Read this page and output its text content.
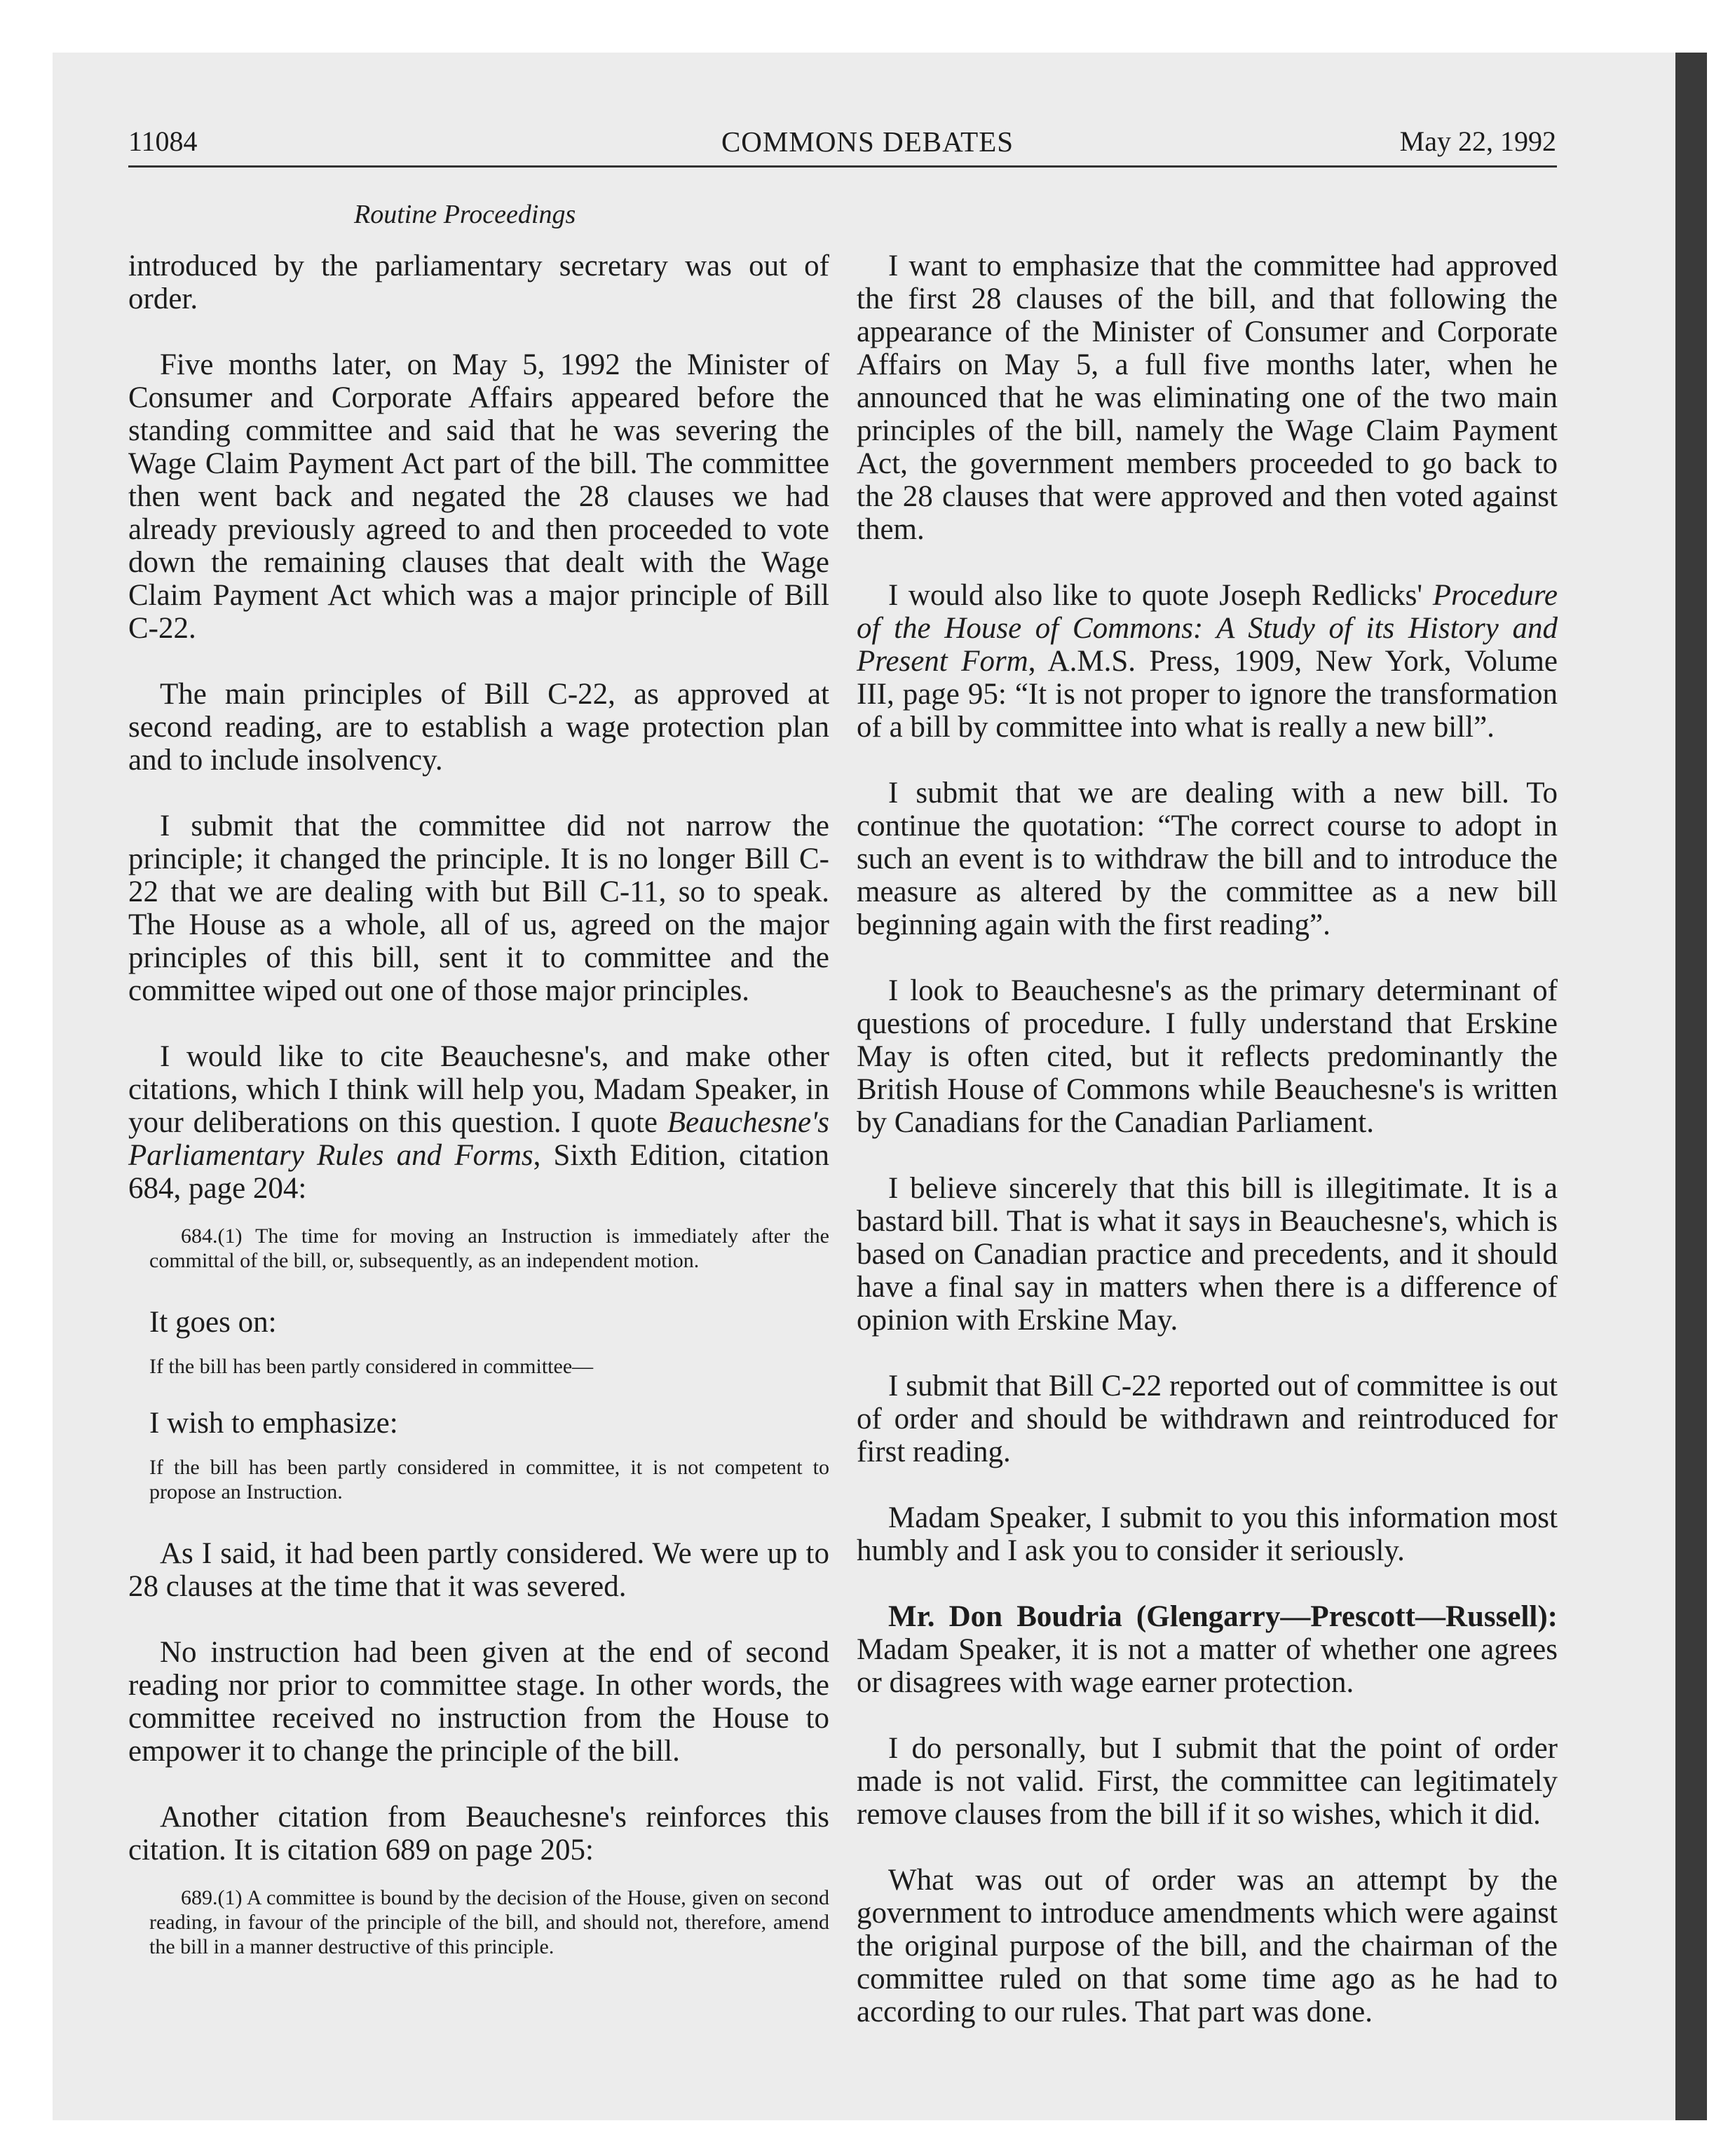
11084	COMMONS DEBATES	May 22, 1992
Routine Proceedings

introduced by the parliamentary secretary was out of order.

Five months later, on May 5, 1992 the Minister of Consumer and Corporate Affairs appeared before the standing committee and said that he was severing the Wage Claim Payment Act part of the bill. The committee then went back and negated the 28 clauses we had already previously agreed to and then proceeded to vote down the remaining clauses that dealt with the Wage Claim Payment Act which was a major principle of Bill C-22.

The main principles of Bill C-22, as approved at second reading, are to establish a wage protection plan and to include insolvency.

I submit that the committee did not narrow the principle; it changed the principle. It is no longer Bill C-22 that we are dealing with but Bill C-11, so to speak. The House as a whole, all of us, agreed on the major principles of this bill, sent it to committee and the committee wiped out one of those major principles.

I would like to cite Beauchesne's, and make other citations, which I think will help you, Madam Speaker, in your deliberations on this question. I quote Beauchesne's Parliamentary Rules and Forms, Sixth Edition, citation 684, page 204:

684.(1) The time for moving an Instruction is immediately after the committal of the bill, or, subsequently, as an independent motion.

It goes on:

If the bill has been partly considered in committee—

I wish to emphasize:

If the bill has been partly considered in committee, it is not competent to propose an Instruction.

As I said, it had been partly considered. We were up to 28 clauses at the time that it was severed.

No instruction had been given at the end of second reading nor prior to committee stage. In other words, the committee received no instruction from the House to empower it to change the principle of the bill.

Another citation from Beauchesne's reinforces this citation. It is citation 689 on page 205:

689.(1) A committee is bound by the decision of the House, given on second reading, in favour of the principle of the bill, and should not, therefore, amend the bill in a manner destructive of this principle.

I want to emphasize that the committee had approved the first 28 clauses of the bill, and that following the appearance of the Minister of Consumer and Corporate Affairs on May 5, a full five months later, when he announced that he was eliminating one of the two main principles of the bill, namely the Wage Claim Payment Act, the government members proceeded to go back to the 28 clauses that were approved and then voted against them.

I would also like to quote Joseph Redlicks' Procedure of the House of Commons: A Study of its History and Present Form, A.M.S. Press, 1909, New York, Volume III, page 95: “It is not proper to ignore the transformation of a bill by committee into what is really a new bill”.

I submit that we are dealing with a new bill. To continue the quotation: “The correct course to adopt in such an event is to withdraw the bill and to introduce the measure as altered by the committee as a new bill beginning again with the first reading”.

I look to Beauchesne's as the primary determinant of questions of procedure. I fully understand that Erskine May is often cited, but it reflects predominantly the British House of Commons while Beauchesne's is written by Canadians for the Canadian Parliament.

I believe sincerely that this bill is illegitimate. It is a bastard bill. That is what it says in Beauchesne's, which is based on Canadian practice and precedents, and it should have a final say in matters when there is a difference of opinion with Erskine May.

I submit that Bill C-22 reported out of committee is out of order and should be withdrawn and reintroduced for first reading.

Madam Speaker, I submit to you this information most humbly and I ask you to consider it seriously.

Mr. Don Boudria (Glengarry—Prescott—Russell): Madam Speaker, it is not a matter of whether one agrees or disagrees with wage earner protection.

I do personally, but I submit that the point of order made is not valid. First, the committee can legitimately remove clauses from the bill if it so wishes, which it did.

What was out of order was an attempt by the government to introduce amendments which were against the original purpose of the bill, and the chairman of the committee ruled on that some time ago as he had to according to our rules. That part was done.
